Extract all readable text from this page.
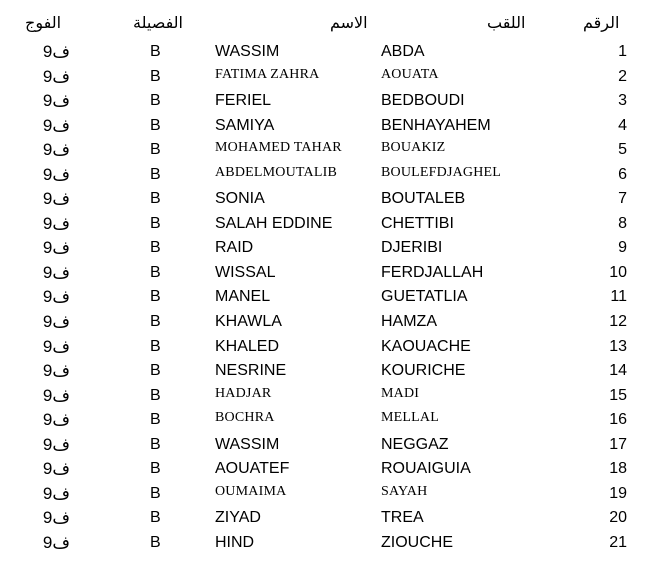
الفوج	الفصيلة	الاسم	اللقب	الرقم
ف9	B	WASSIM	ABDA	1
ف9	B	FATIMA ZAHRA	AOUATA	2
ف9	B	FERIEL	BEDBOUDI	3
ف9	B	SAMIYA	BENHAYAHEM	4
ف9	B	MOHAMED TAHAR	BOUAKIZ	5
ف9	B	ABDELMOUTALIB	BOULEFDJAGHEL	6
ف9	B	SONIA	BOUTALEB	7
ف9	B	SALAH EDDINE	CHETTIBI	8
ف9	B	RAID	DJERIBI	9
ف9	B	WISSAL	FERDJALLAH	10
ف9	B	MANEL	GUETATLIA	11
ف9	B	KHAWLA	HAMZA	12
ف9	B	KHALED	KAOUACHE	13
ف9	B	NESRINE	KOURICHE	14
ف9	B	HADJAR	MADI	15
ف9	B	BOCHRA	MELLAL	16
ف9	B	WASSIM	NEGGAZ	17
ف9	B	AOUATEF	ROUAIGUIA	18
ف9	B	OUMAIMA	SAYAH	19
ف9	B	ZIYAD	TREA	20
ف9	B	HIND	ZIOUCHE	21
